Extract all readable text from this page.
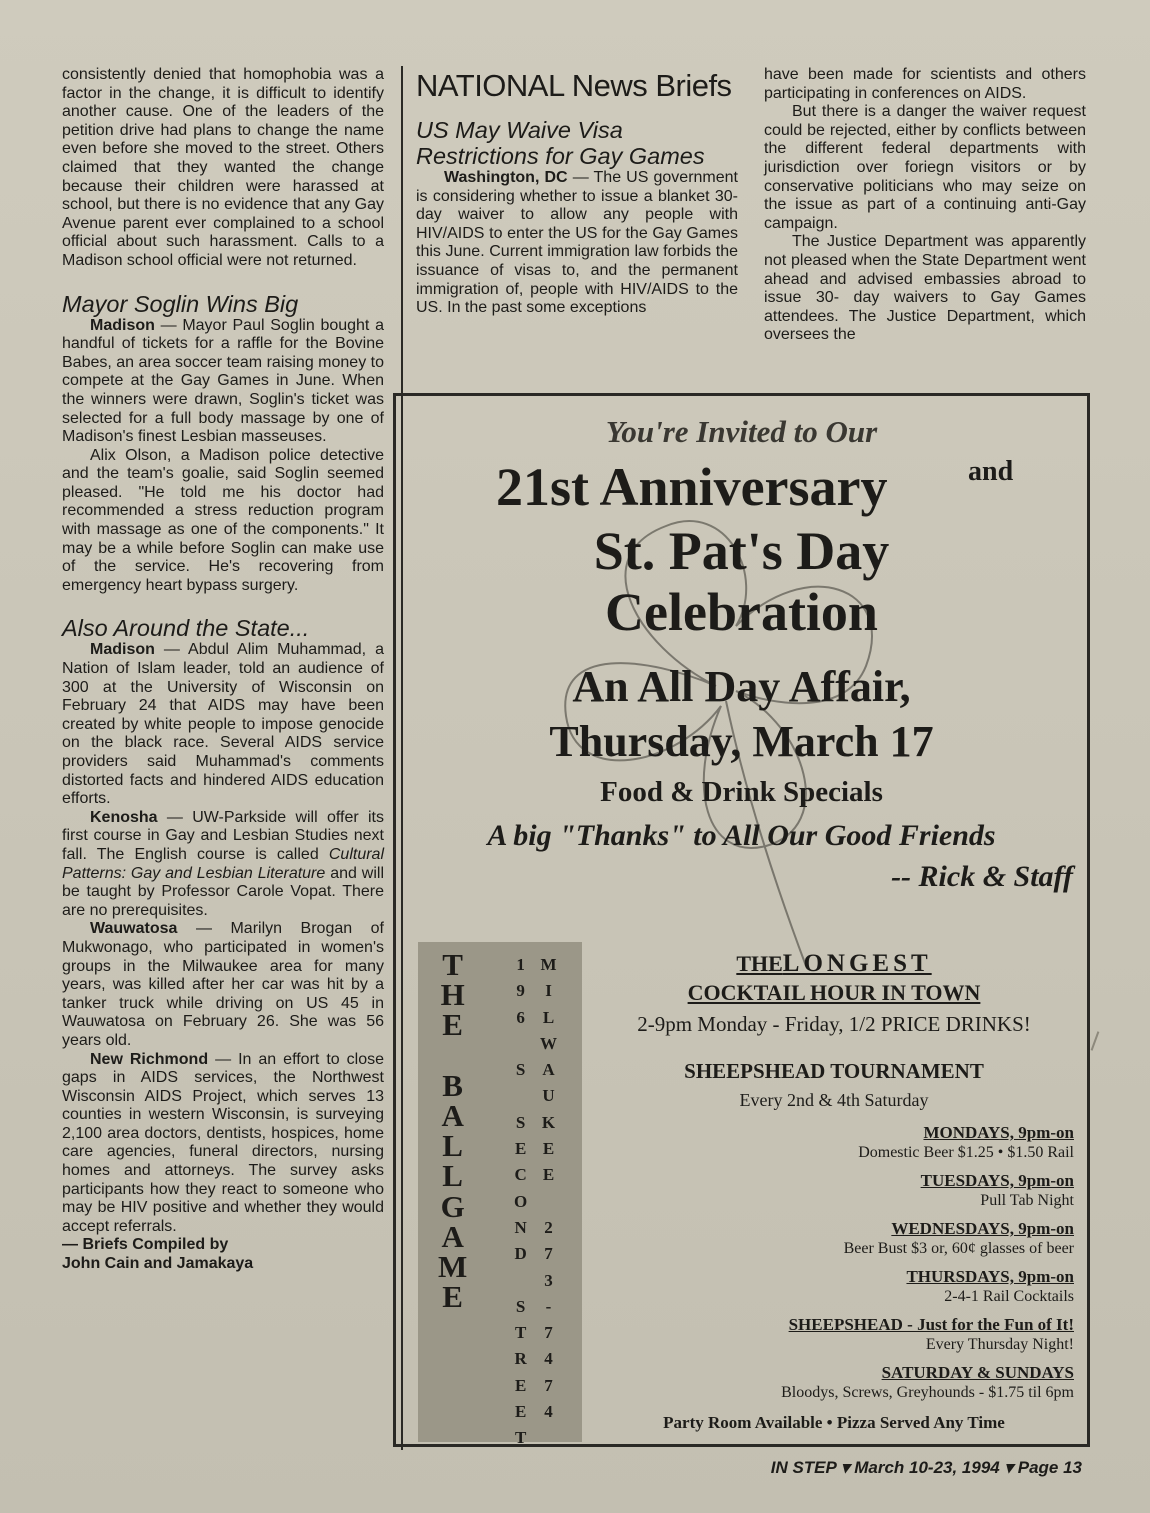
consistently denied that homophobia was a factor in the change, it is difficult to identify another cause. One of the leaders of the petition drive had plans to change the name even before she moved to the street. Others claimed that they wanted the change because their children were harassed at school, but there is no evidence that any Gay Avenue parent ever complained to a school official about such harassment. Calls to a Madison school official were not returned.

Mayor Soglin Wins Big

Madison — Mayor Paul Soglin bought a handful of tickets for a raffle for the Bovine Babes, an area soccer team raising money to compete at the Gay Games in June. When the winners were drawn, Soglin's ticket was selected for a full body massage by one of Madison's finest Lesbian masseuses.

Alix Olson, a Madison police detective and the team's goalie, said Soglin seemed pleased. "He told me his doctor had recommended a stress reduction program with massage as one of the components." It may be a while before Soglin can make use of the service. He's recovering from emergency heart bypass surgery.

Also Around the State...

Madison — Abdul Alim Muhammad, a Nation of Islam leader, told an audience of 300 at the University of Wisconsin on February 24 that AIDS may have been created by white people to impose genocide on the black race. Several AIDS service providers said Muhammad's comments distorted facts and hindered AIDS education efforts.

Kenosha — UW-Parkside will offer its first course in Gay and Lesbian Studies next fall. The English course is called Cultural Patterns: Gay and Lesbian Literature and will be taught by Professor Carole Vopat. There are no prerequisites.

Wauwatosa — Marilyn Brogan of Mukwonago, who participated in women's groups in the Milwaukee area for many years, was killed after her car was hit by a tanker truck while driving on US 45 in Wauwatosa on February 26. She was 56 years old.

New Richmond — In an effort to close gaps in AIDS services, the Northwest Wisconsin AIDS Project, which serves 13 counties in western Wisconsin, is surveying 2,100 area doctors, dentists, hospices, home care agencies, funeral directors, nursing homes and attorneys. The survey asks participants how they react to someone who may be HIV positive and whether they would accept referrals.

— Briefs Compiled by

John Cain and Jamakaya

NATIONAL News Briefs
US May Waive Visa Restrictions for Gay Games

Washington, DC — The US government is considering whether to issue a blanket 30-day waiver to allow any people with HIV/AIDS to enter the US for the Gay Games this June. Current immigration law forbids the issuance of visas to, and the permanent immigration of, people with HIV/AIDS to the US. In the past some exceptions

have been made for scientists and others participating in conferences on AIDS.

But there is a danger the waiver request could be rejected, either by conflicts between the different federal departments with jurisdiction over foriegn visitors or by conservative politicians who may seize on the issue as part of a continuing anti-Gay campaign.

The Justice Department was apparently not pleased when the State Department went ahead and advised embassies abroad to issue 30- day waivers to Gay Games attendees. The Justice Department, which oversees the

You're Invited to Our

21st Anniversary	and

St. Pat's Day

Celebration

An All Day Affair,

Thursday, March 17

Food & Drink Specials

A big "Thanks" to All Our Good Friends

-- Rick & Staff

T
H
E

B
A
L
L
G
A
M
E
1
9
6

S

S
E
C
O
N
D

S
T
R
E
E
T
M
I
L
W
A
U
K
E
E

2
7
3
-
7
4
7
4
THELONGEST

COCKTAIL HOUR IN TOWN

2-9pm Monday - Friday, 1/2 PRICE DRINKS!

SHEEPSHEAD TOURNAMENT

Every 2nd & 4th Saturday

MONDAYS, 9pm-on

Domestic Beer $1.25 • $1.50 Rail

TUESDAYS, 9pm-on

Pull Tab Night

WEDNESDAYS, 9pm-on

Beer Bust $3 or, 60¢ glasses of beer

THURSDAYS, 9pm-on

2-4-1 Rail Cocktails

SHEEPSHEAD - Just for the Fun of It!

Every Thursday Night!

SATURDAY & SUNDAYS

Bloodys, Screws, Greyhounds - $1.75 til 6pm

Party Room Available • Pizza Served Any Time

IN STEP ▾ March 10-23, 1994 ▾ Page 13
